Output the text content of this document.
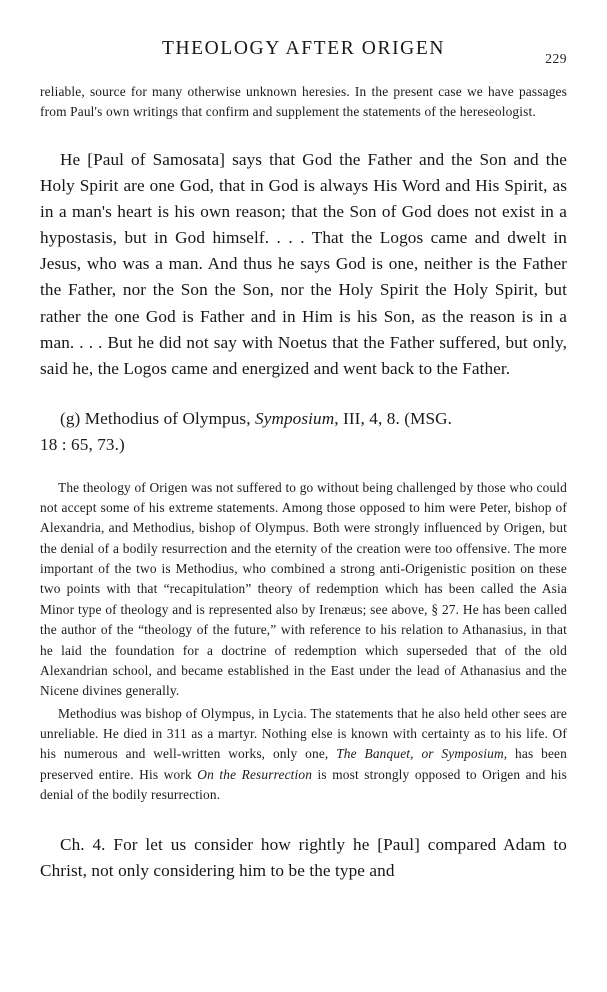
THEOLOGY AFTER ORIGEN	229

reliable, source for many otherwise unknown heresies. In the present case we have passages from Paul's own writings that confirm and supplement the statements of the hereseologist.

He [Paul of Samosata] says that God the Father and the Son and the Holy Spirit are one God, that in God is always His Word and His Spirit, as in a man's heart is his own reason; that the Son of God does not exist in a hypostasis, but in God himself. . . . That the Logos came and dwelt in Jesus, who was a man. And thus he says God is one, neither is the Father the Father, nor the Son the Son, nor the Holy Spirit the Holy Spirit, but rather the one God is Father and in Him is his Son, as the reason is in a man. . . . But he did not say with Noetus that the Father suffered, but only, said he, the Logos came and energized and went back to the Father.
(g) Methodius of Olympus, Symposium, III, 4, 8. (MSG.
18 : 65, 73.)

The theology of Origen was not suffered to go without being challenged by those who could not accept some of his extreme statements. Among those opposed to him were Peter, bishop of Alexandria, and Methodius, bishop of Olympus. Both were strongly influenced by Origen, but the denial of a bodily resurrection and the eternity of the creation were too offensive. The more important of the two is Methodius, who combined a strong anti-Origenistic position on these two points with that “recapitulation” theory of redemption which has been called the Asia Minor type of theology and is represented also by Irenæus; see above, § 27. He has been called the author of the “theology of the future,” with reference to his relation to Athanasius, in that he laid the foundation for a doctrine of redemption which superseded that of the old Alexandrian school, and became established in the East under the lead of Athanasius and the Nicene divines generally.

Methodius was bishop of Olympus, in Lycia. The statements that he also held other sees are unreliable. He died in 311 as a martyr. Nothing else is known with certainty as to his life. Of his numerous and well-written works, only one, The Banquet, or Symposium, has been preserved entire. His work On the Resurrection is most strongly opposed to Origen and his denial of the bodily resurrection.

Ch. 4. For let us consider how rightly he [Paul] compared Adam to Christ, not only considering him to be the type and
